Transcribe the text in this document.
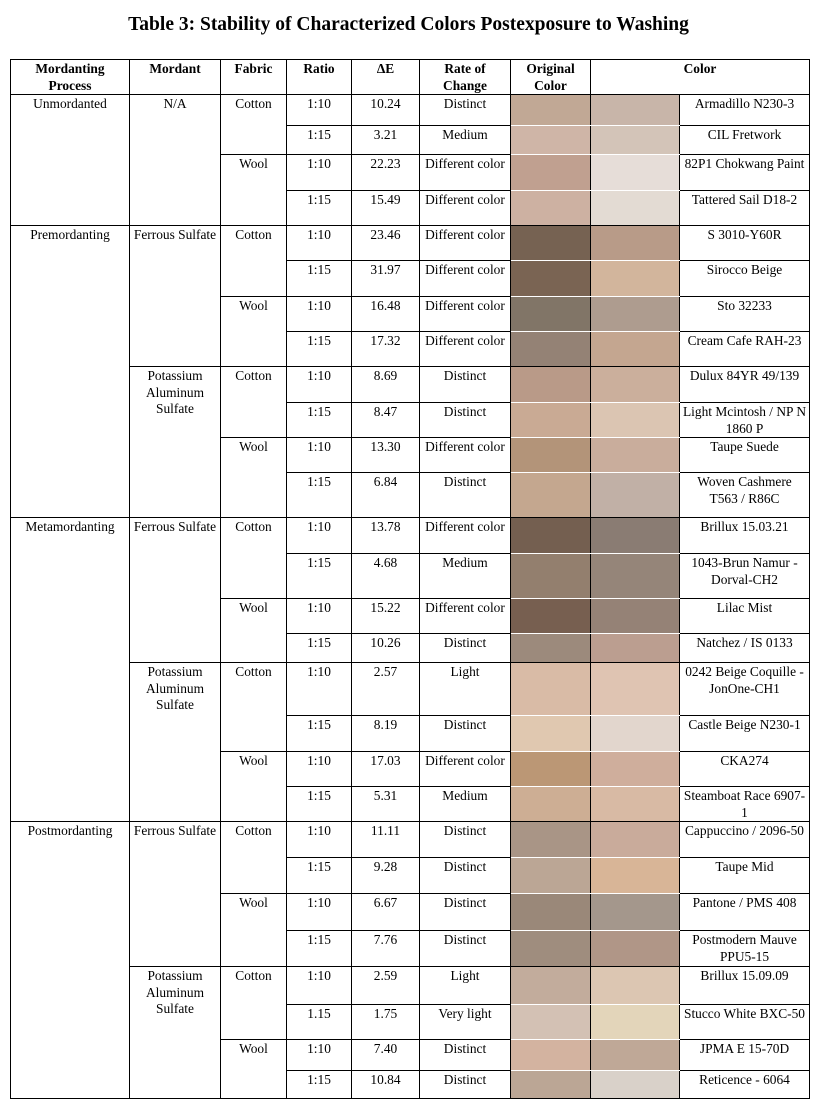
Table 3: Stability of Characterized Colors Postexposure to Washing
Mordanting Process	Mordant	Fabric	Ratio	ΔE	Rate of Change	Original Color	Color	
Unmordanted	N/A	Cotton	1:10	10.24	Distinct			Armadillo N230-3
			1:15	3.21	Medium			CIL Fretwork
		Wool	1:10	22.23	Different color			82P1 Chokwang Paint
			1:15	15.49	Different color			Tattered Sail D18-2
Premordanting	Ferrous Sulfate	Cotton	1:10	23.46	Different color			S 3010-Y60R
			1:15	31.97	Different color			Sirocco Beige
		Wool	1:10	16.48	Different color			Sto 32233
			1:15	17.32	Different color			Cream Cafe RAH-23
	Potassium Aluminum Sulfate	Cotton	1:10	8.69	Distinct			Dulux 84YR 49/139
			1:15	8.47	Distinct			Light Mcintosh / NP N 1860 P
		Wool	1:10	13.30	Different color			Taupe Suede
			1:15	6.84	Distinct			Woven Cashmere T563 / R86C
Metamordanting	Ferrous Sulfate	Cotton	1:10	13.78	Different color			Brillux 15.03.21
			1:15	4.68	Medium			1043-Brun Namur - Dorval-CH2
		Wool	1:10	15.22	Different color			Lilac Mist
			1:15	10.26	Distinct			Natchez / IS 0133
	Potassium Aluminum Sulfate	Cotton	1:10	2.57	Light			0242 Beige Coquille - JonOne-CH1
			1:15	8.19	Distinct			Castle Beige N230-1
		Wool	1:10	17.03	Different color			CKA274
			1:15	5.31	Medium			Steamboat Race 6907-1
Postmordanting	Ferrous Sulfate	Cotton	1:10	11.11	Distinct			Cappuccino / 2096-50
			1:15	9.28	Distinct			Taupe Mid
		Wool	1:10	6.67	Distinct			Pantone / PMS 408
			1:15	7.76	Distinct			Postmodern Mauve PPU5-15
	Potassium Aluminum Sulfate	Cotton	1:10	2.59	Light			Brillux 15.09.09
			1.15	1.75	Very light			Stucco White BXC-50
		Wool	1:10	7.40	Distinct			JPMA E 15-70D
			1:15	10.84	Distinct			Reticence - 6064
